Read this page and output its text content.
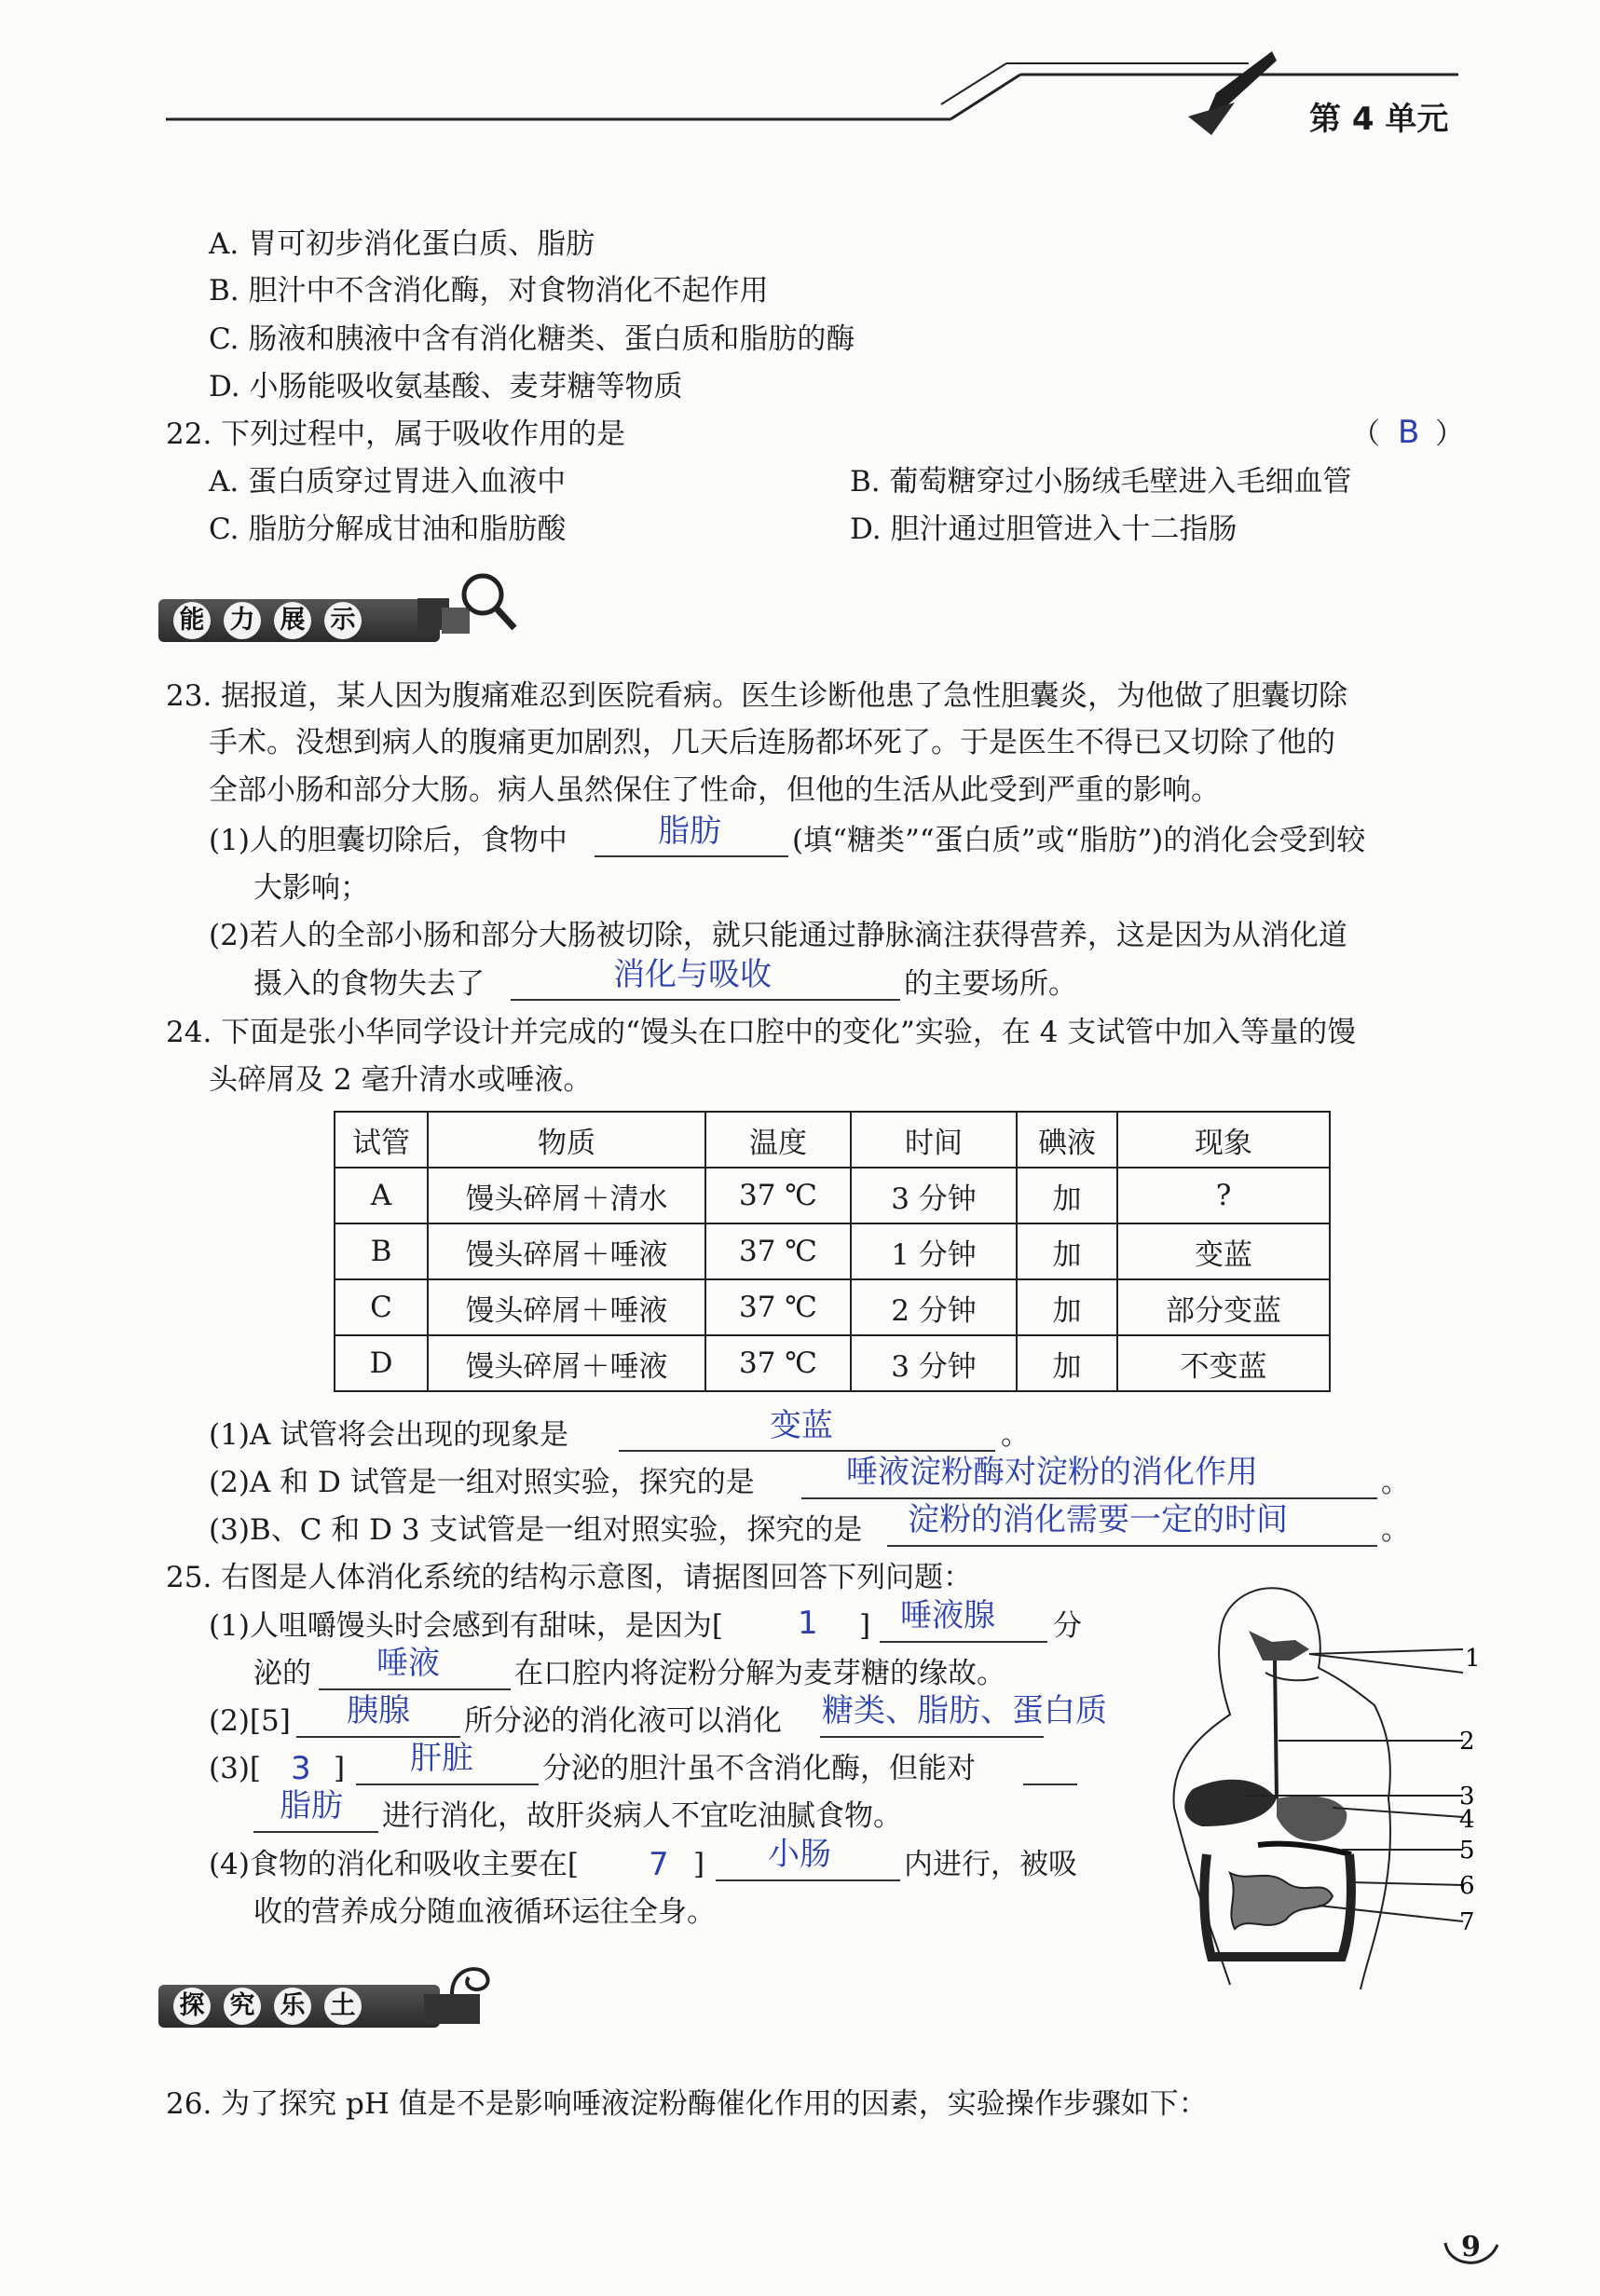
第 4 单元
A. 胃可初步消化蛋白质、脂肪
B. 胆汁中不含消化酶，对食物消化不起作用
C. 肠液和胰液中含有消化糖类、蛋白质和脂肪的酶
D. 小肠能吸收氨基酸、麦芽糖等物质
22. 下列过程中，属于吸收作用的是	（ B ）
A. 蛋白质穿过胃进入血液中	B. 葡萄糖穿过小肠绒毛壁进入毛细血管
C. 脂肪分解成甘油和脂肪酸	D. 胆汁通过胆管进入十二指肠
能 力 展 示
23. 据报道，某人因为腹痛难忍到医院看病。医生诊断他患了急性胆囊炎，为他做了胆囊切除
手术。没想到病人的腹痛更加剧烈，几天后连肠都坏死了。于是医生不得已又切除了他的
全部小肠和部分大肠。病人虽然保住了性命，但他的生活从此受到严重的影响。
(1)人的胆囊切除后，食物中	脂肪 (填“糖类”“蛋白质”或“脂肪”)的消化会受到较
大影响；
(2)若人的全部小肠和部分大肠被切除，就只能通过静脉滴注获得营养，这是因为从消化道
摄入的食物失去了	消化与吸收	的主要场所。
24. 下面是张小华同学设计并完成的“馒头在口腔中的变化”实验，在 4 支试管中加入等量的馒
头碎屑及 2 毫升清水或唾液。
试管	物质	温度	时间	碘液	现象
A	馒头碎屑＋清水	37 ℃	3 分钟	加	?
B	馒头碎屑＋唾液	37 ℃	1 分钟	加	变蓝
C	馒头碎屑＋唾液	37 ℃	2 分钟	加	部分变蓝
D	馒头碎屑＋唾液	37 ℃	3 分钟	加	不变蓝
(1)A 试管将会出现的现象是	变蓝	。
(2)A 和 D 试管是一组对照实验，探究的是	唾液淀粉酶对淀粉的消化作用	。
(3)B、C 和 D 3 支试管是一组对照实验，探究的是 淀粉的消化需要一定的时间	。
25. 右图是人体消化系统的结构示意图，请据图回答下列问题：
(1)人咀嚼馒头时会感到有甜味，是因为[ 1 ] 唾液腺 分
泌的 唾液	在口腔内将淀粉分解为麦芽糖的缘故。
(2)[5] 胰腺 所分泌的消化液可以消化 糖类、脂肪、蛋白质
(3)[ 3 ] 肝脏 分泌的胆汁虽不含消化酶，但能对
脂肪 进行消化，故肝炎病人不宜吃油腻食物。
(4)食物的消化和吸收主要在[ 7 ] 小肠	内进行，被吸
收的营养成分随血液循环运往全身。
1
2
3
4
5
6
7
探 究 乐 土
26. 为了探究 pH 值是不是影响唾液淀粉酶催化作用的因素，实验操作步骤如下：
9
